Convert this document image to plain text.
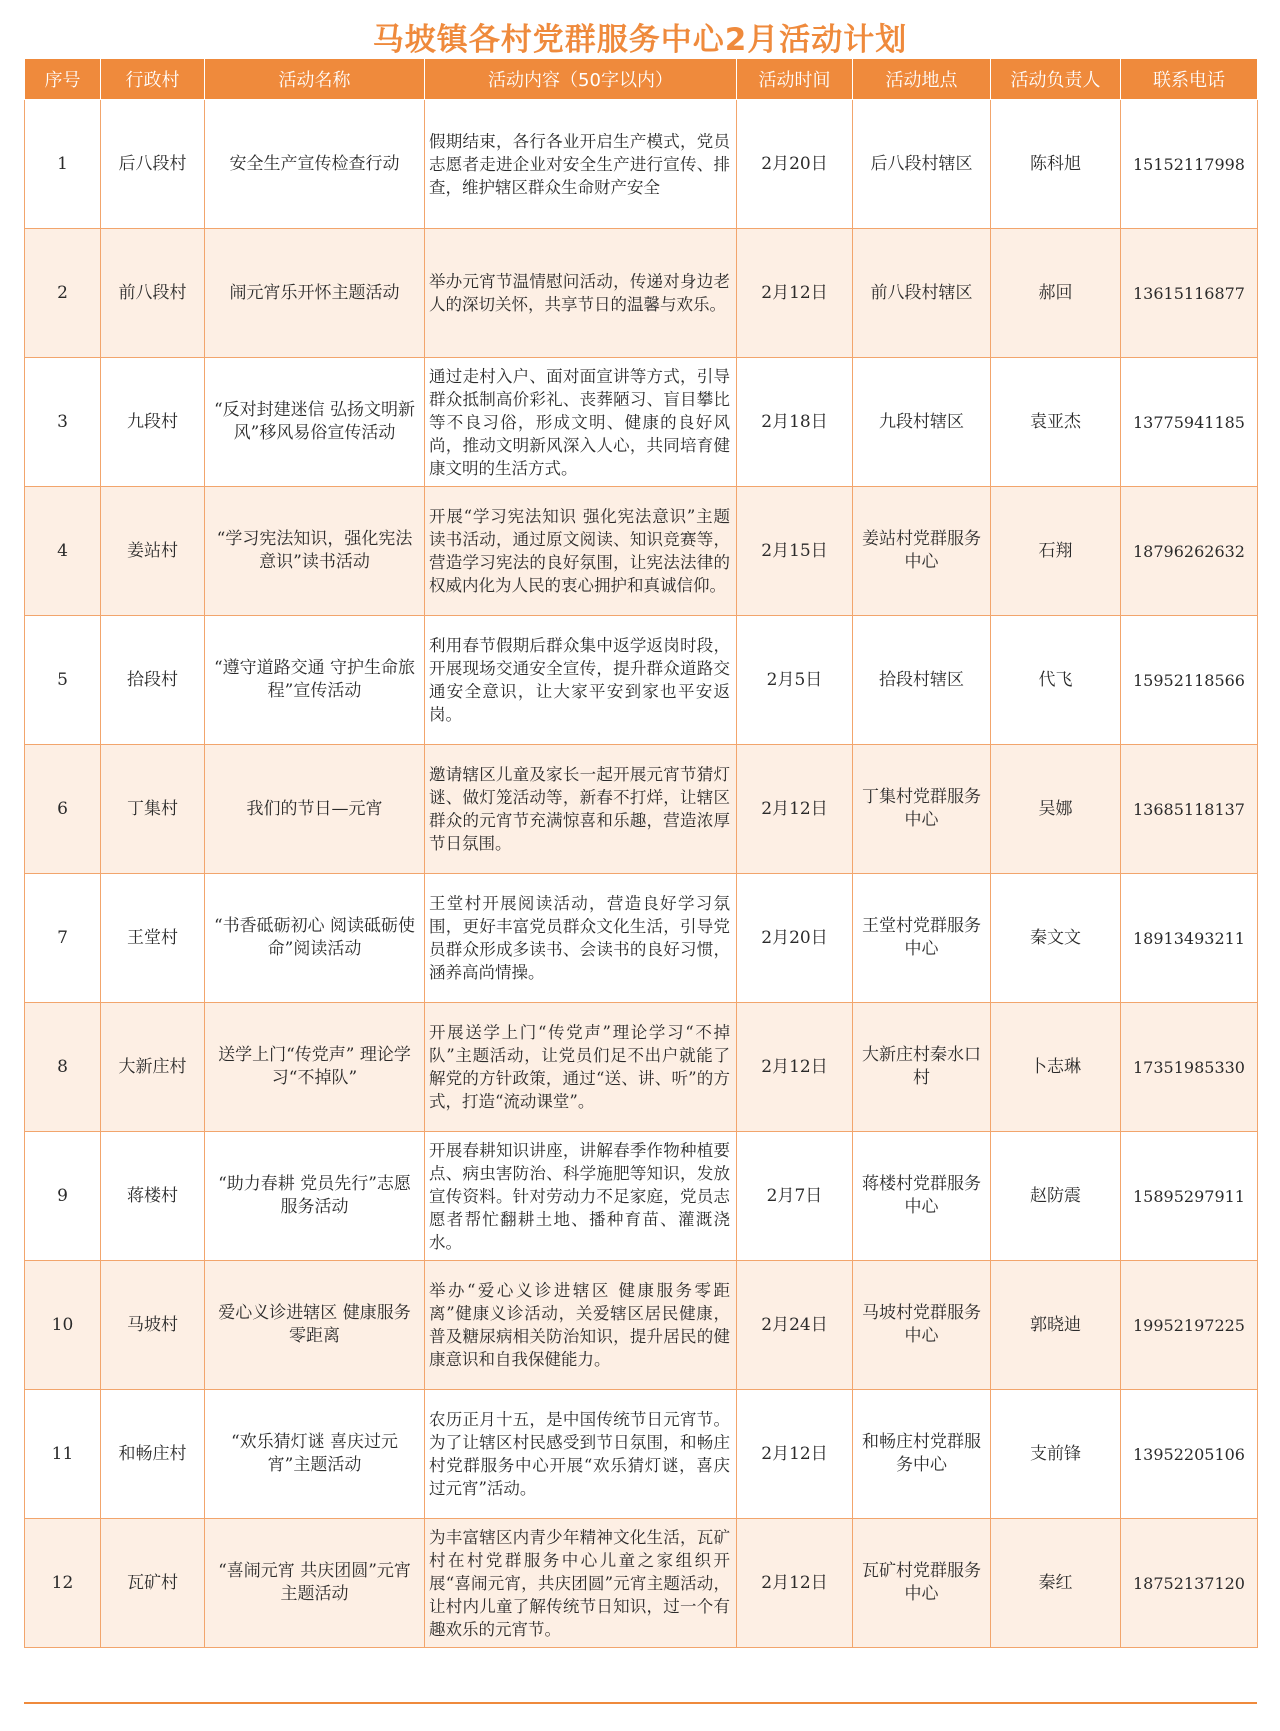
马坡镇各村党群服务中心2月活动计划
序号	行政村	活动名称	活动内容（50字以内）	活动时间	活动地点	活动负责人	联系电话
1	后八段村	安全生产宣传检查行动	假期结束，各行各业开启生产模式，党员志愿者走进企业对安全生产进行宣传、排查，维护辖区群众生命财产安全	2月20日	后八段村辖区	陈科旭	15152117998
2	前八段村	闹元宵乐开怀主题活动	举办元宵节温情慰问活动，传递对身边老人的深切关怀，共享节日的温馨与欢乐。	2月12日	前八段村辖区	郝回	13615116877
3	九段村	“反对封建迷信 弘扬文明新风”移风易俗宣传活动	通过走村入户、面对面宣讲等方式，引导群众抵制高价彩礼、丧葬陋习、盲目攀比等不良习俗，形成文明、健康的良好风尚，推动文明新风深入人心，共同培育健康文明的生活方式。	2月18日	九段村辖区	袁亚杰	13775941185
4	姜站村	“学习宪法知识，强化宪法意识”读书活动	开展“学习宪法知识 强化宪法意识”主题读书活动，通过原文阅读、知识竞赛等，营造学习宪法的良好氛围，让宪法法律的权威内化为人民的衷心拥护和真诚信仰。	2月15日	姜站村党群服务中心	石翔	18796262632
5	拾段村	“遵守道路交通 守护生命旅程”宣传活动	利用春节假期后群众集中返学返岗时段，开展现场交通安全宣传，提升群众道路交通安全意识，让大家平安到家也平安返岗。	2月5日	拾段村辖区	代飞	15952118566
6	丁集村	我们的节日—元宵	邀请辖区儿童及家长一起开展元宵节猜灯谜、做灯笼活动等，新春不打烊，让辖区群众的元宵节充满惊喜和乐趣，营造浓厚节日氛围。	2月12日	丁集村党群服务中心	吴娜	13685118137
7	王堂村	“书香砥砺初心 阅读砥砺使命”阅读活动	王堂村开展阅读活动，营造良好学习氛围，更好丰富党员群众文化生活，引导党员群众形成多读书、会读书的良好习惯，涵养高尚情操。	2月20日	王堂村党群服务中心	秦文文	18913493211
8	大新庄村	送学上门“传党声” 理论学习“不掉队”	开展送学上门“传党声”理论学习“不掉队”主题活动，让党员们足不出户就能了解党的方针政策，通过“送、讲、听”的方式，打造“流动课堂”。	2月12日	大新庄村秦水口村	卜志琳	17351985330
9	蒋楼村	“助力春耕 党员先行”志愿服务活动	开展春耕知识讲座，讲解春季作物种植要点、病虫害防治、科学施肥等知识，发放宣传资料。针对劳动力不足家庭，党员志愿者帮忙翻耕土地、播种育苗、灌溉浇水。	2月7日	蒋楼村党群服务中心	赵防震	15895297911
10	马坡村	爱心义诊进辖区 健康服务零距离	举办“爱心义诊进辖区 健康服务零距离”健康义诊活动，关爱辖区居民健康，普及糖尿病相关防治知识，提升居民的健康意识和自我保健能力。	2月24日	马坡村党群服务中心	郭晓迪	19952197225
11	和畅庄村	“欢乐猜灯谜 喜庆过元宵”主题活动	农历正月十五，是中国传统节日元宵节。为了让辖区村民感受到节日氛围，和畅庄村党群服务中心开展“欢乐猜灯谜，喜庆过元宵”活动。	2月12日	和畅庄村党群服务中心	支前锋	13952205106
12	瓦矿村	“喜闹元宵 共庆团圆”元宵主题活动	为丰富辖区内青少年精神文化生活，瓦矿村在村党群服务中心儿童之家组织开展“喜闹元宵，共庆团圆”元宵主题活动，让村内儿童了解传统节日知识，过一个有趣欢乐的元宵节。	2月12日	瓦矿村党群服务中心	秦红	18752137120
